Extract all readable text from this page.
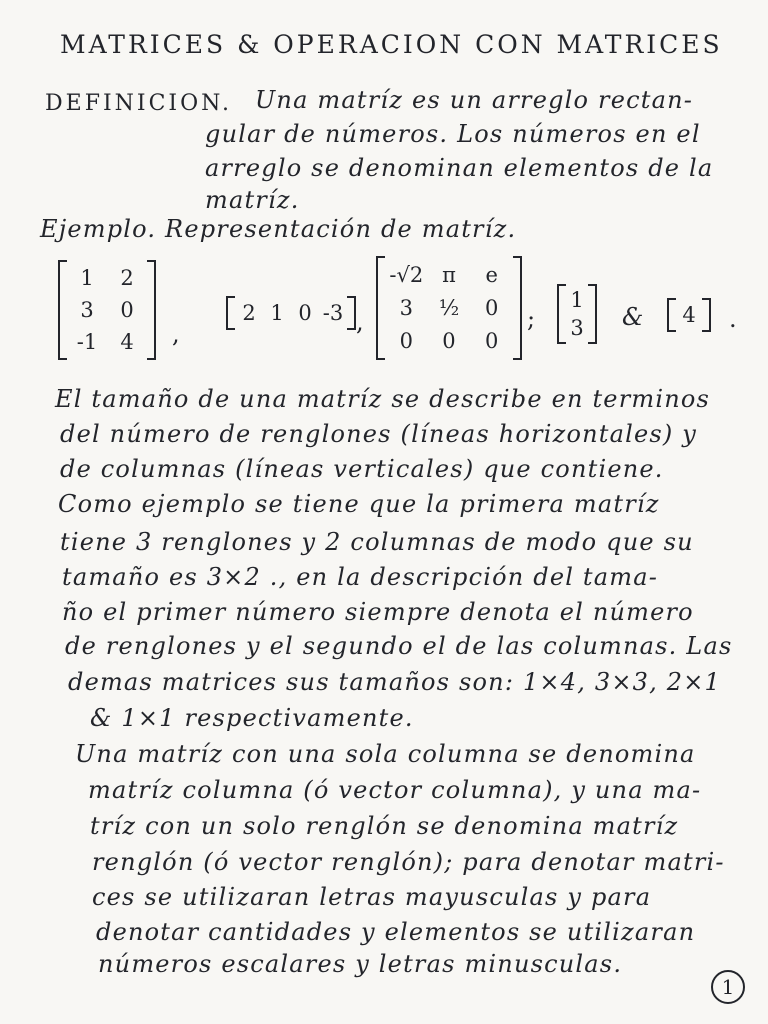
MATRICES & OPERACION CON MATRICES
DEFINICION. Una matríz es un arreglo rectan-
gular de números. Los números en el
arreglo se denominan elementos de la
matríz.
Ejemplo. Representación de matríz.
1	2
3	0
-1	4	,
2 1 0 -3 ,
-√2 π	e
3	½	0
0	0	0
;
1
3 &	4 .
El tamaño de una matríz se describe en terminos
del número de renglones (líneas horizontales) y
de columnas (líneas verticales) que contiene.
Como ejemplo se tiene que la primera matríz
tiene 3 renglones y 2 columnas de modo que su
tamaño es 3×2 ., en la descripción del tama-
ño el primer número siempre denota el número
de renglones y el segundo el de las columnas. Las
demas matrices sus tamaños son: 1×4, 3×3, 2×1
& 1×1 respectivamente.
Una matríz con una sola columna se denomina
matríz columna (ó vector columna), y una ma-
tríz con un solo renglón se denomina matríz
renglón (ó vector renglón); para denotar matri-
ces se utilizaran letras mayusculas y para
denotar cantidades y elementos se utilizaran
números escalares y letras minusculas.
1
